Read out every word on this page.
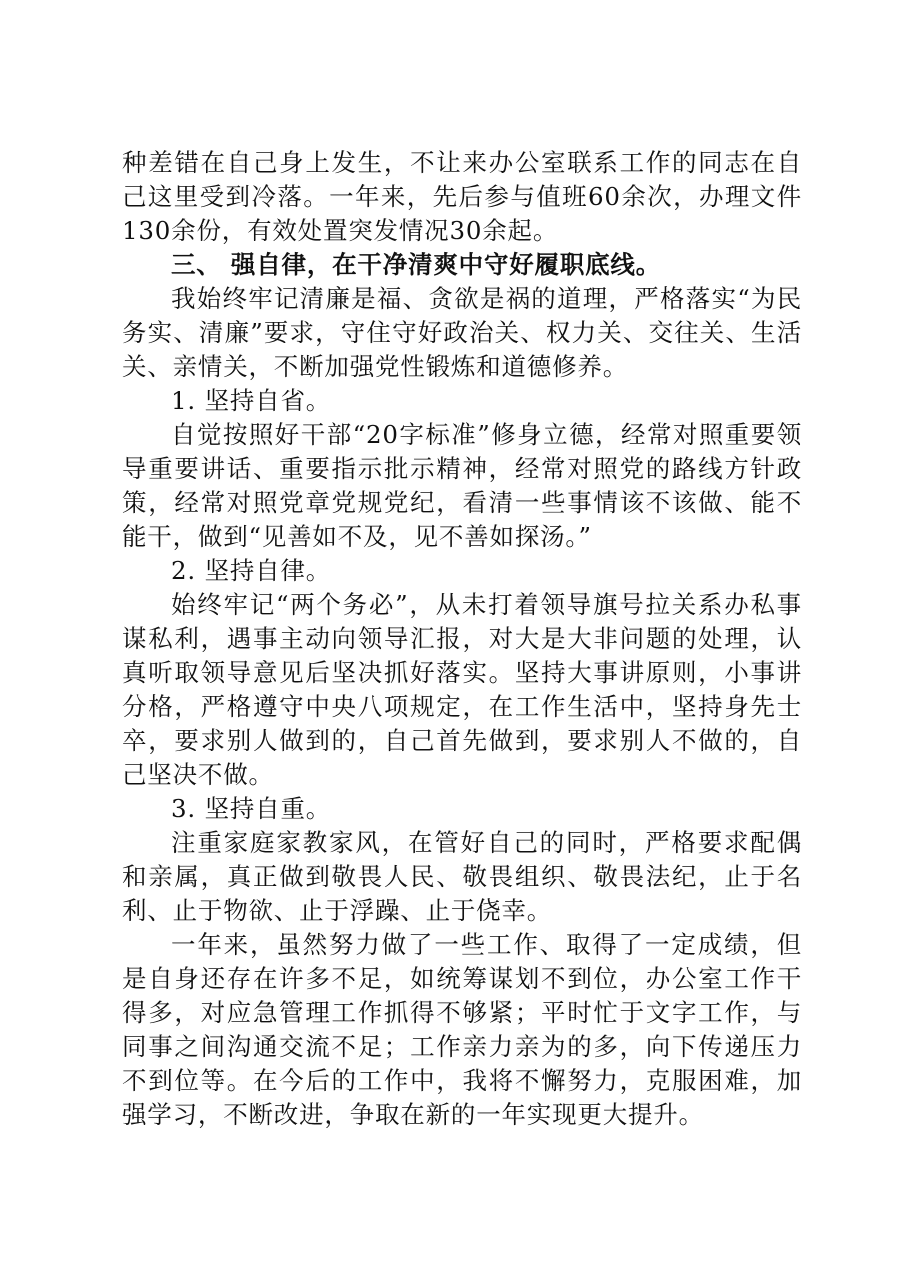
种差错在自己身上发生，不让来办公室联系工作的同志在自己这里受到冷落。一年来，先后参与值班60余次，办理文件130余份，有效处置突发情况30余起。

三、 强自律，在干净清爽中守好履职底线。

我始终牢记清廉是福、贪欲是祸的道理，严格落实“为民务实、清廉”要求，守住守好政治关、权力关、交往关、生活关、亲情关，不断加强党性锻炼和道德修养。

1. 坚持自省。

自觉按照好干部“20字标准”修身立德，经常对照重要领导重要讲话、重要指示批示精神，经常对照党的路线方针政策，经常对照党章党规党纪，看清一些事情该不该做、能不能干，做到“见善如不及，见不善如探汤。”

2. 坚持自律。

始终牢记“两个务必”，从未打着领导旗号拉关系办私事谋私利，遇事主动向领导汇报，对大是大非问题的处理，认真听取领导意见后坚决抓好落实。坚持大事讲原则，小事讲分格，严格遵守中央八项规定，在工作生活中，坚持身先士卒，要求别人做到的，自己首先做到，要求别人不做的，自己坚决不做。

3. 坚持自重。

注重家庭家教家风，在管好自己的同时，严格要求配偶和亲属，真正做到敬畏人民、敬畏组织、敬畏法纪，止于名利、止于物欲、止于浮躁、止于侥幸。

一年来，虽然努力做了一些工作、取得了一定成绩，但是自身还存在许多不足，如统筹谋划不到位，办公室工作干得多，对应急管理工作抓得不够紧；平时忙于文字工作，与同事之间沟通交流不足；工作亲力亲为的多，向下传递压力不到位等。在今后的工作中，我将不懈努力，克服困难，加强学习，不断改进，争取在新的一年实现更大提升。
